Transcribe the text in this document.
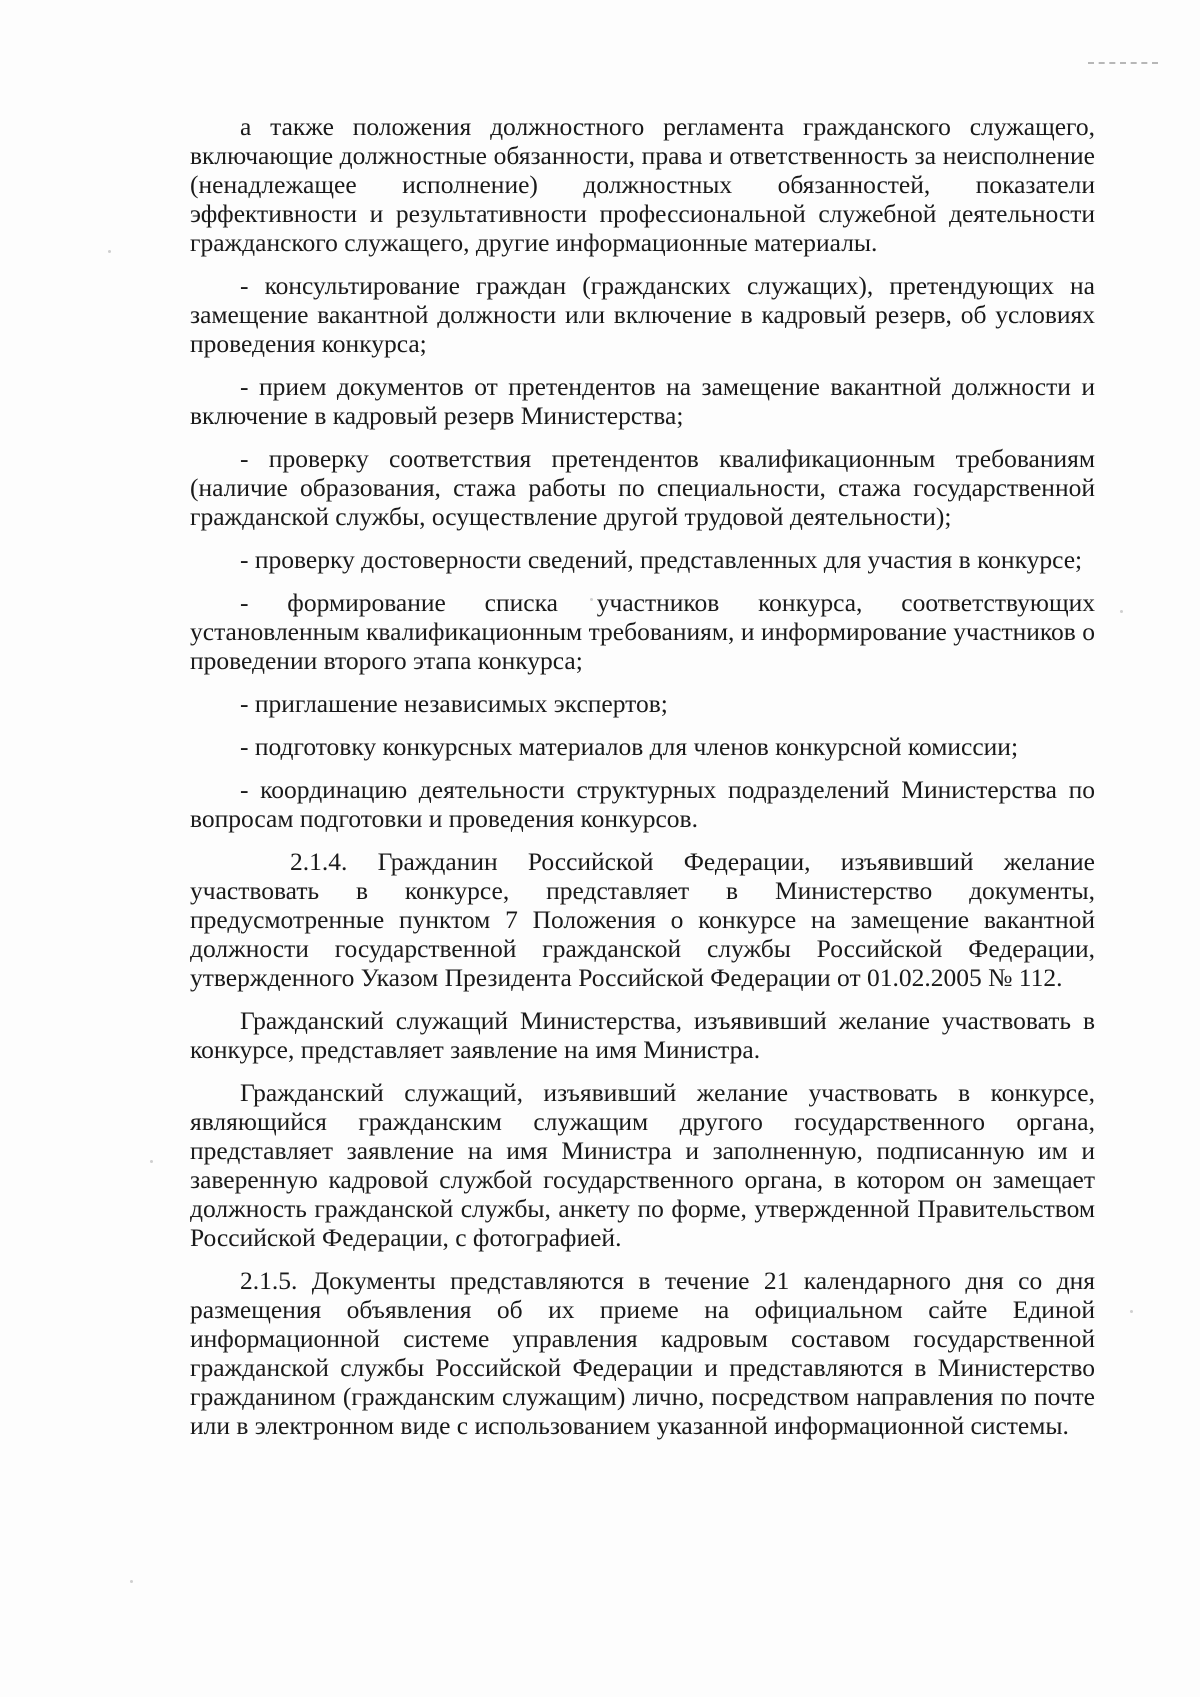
а также положения должностного регламента гражданского служащего, включающие должностные обязанности, права и ответственность за неисполнение (ненадлежащее исполнение) должностных обязанностей, показатели эффективности и результативности профессиональной служебной деятельности гражданского служащего, другие информационные материалы.

- консультирование граждан (гражданских служащих), претендующих на замещение вакантной должности или включение в кадровый резерв, об условиях проведения конкурса;

- прием документов от претендентов на замещение вакантной должности и включение в кадровый резерв Министерства;

- проверку соответствия претендентов квалификационным требованиям (наличие образования, стажа работы по специальности, стажа государственной гражданской службы, осуществление другой трудовой деятельности);

- проверку достоверности сведений, представленных для участия в конкурсе;

- формирование списка участников конкурса, соответствующих установленным квалификационным требованиям, и информирование участников о проведении второго этапа конкурса;

- приглашение независимых экспертов;

- подготовку конкурсных материалов для членов конкурсной комиссии;

- координацию деятельности структурных подразделений Министерства по вопросам подготовки и проведения конкурсов.

2.1.4. Гражданин Российской Федерации, изъявивший желание участвовать в конкурсе, представляет в Министерство документы, предусмотренные пунктом 7 Положения о конкурсе на замещение вакантной должности государственной гражданской службы Российской Федерации, утвержденного Указом Президента Российской Федерации от 01.02.2005 № 112.

Гражданский служащий Министерства, изъявивший желание участвовать в конкурсе, представляет заявление на имя Министра.

Гражданский служащий, изъявивший желание участвовать в конкурсе, являющийся гражданским служащим другого государственного органа, представляет заявление на имя Министра и заполненную, подписанную им и заверенную кадровой службой государственного органа, в котором он замещает должность гражданской службы, анкету по форме, утвержденной Правительством Российской Федерации, с фотографией.

2.1.5. Документы представляются в течение 21 календарного дня со дня размещения объявления об их приеме на официальном сайте Единой информационной системе управления кадровым составом государственной гражданской службы Российской Федерации и представляются в Министерство гражданином (гражданским служащим) лично, посредством направления по почте или в электронном виде с использованием указанной информационной системы.
